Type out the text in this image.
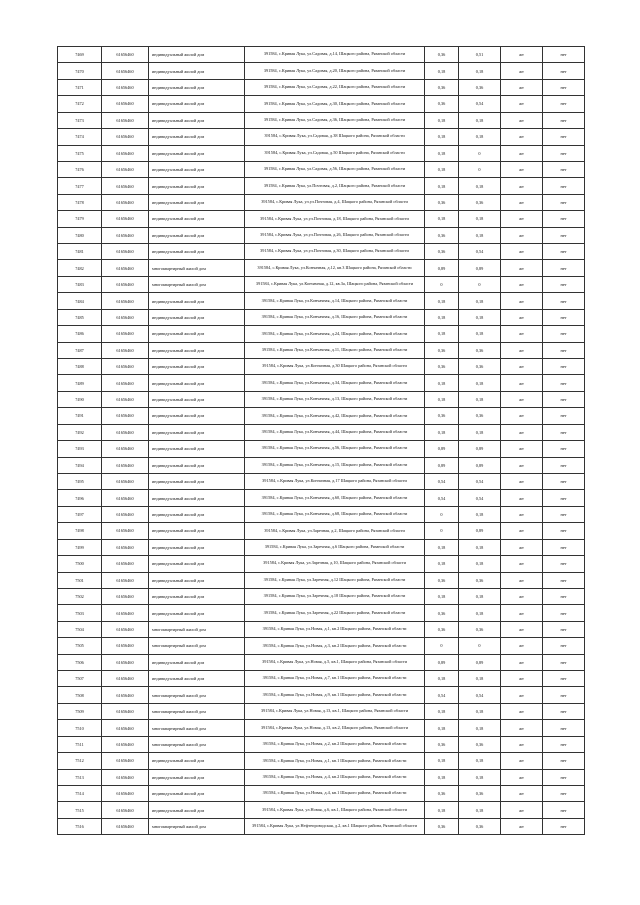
7469	61656460	индивидуальный жилой дом	391584, с.Кривая Лука, ул.Садовая, д.14, Шацкого района, Рязанской области	0,36	0,51	жт	нет
7470	61656460	индивидуальный жилой дом	391584, с.Кривая Лука, ул.Садовая, д.20, Шацкого района, Рязанской области	0,18	0,18	жт	нет
7471	61656460	индивидуальный жилой дом	391584, с.Кривая Лука, ул.Садовая, д.22, Шацкого района, Рязанской области	0,36	0,36	жт	нет
7472	61656460	индивидуальный жилой дом	391584, с.Кривая Лука, ул.Садовая, д.30, Шацкого района, Рязанской области	0,36	0,54	жт	нет
7473	61656460	индивидуальный жилой дом	391584, с.Кривая Лука, ул.Садовая, д.36, Шацкого района, Рязанской области	0,18	0,18	жт	нет
7474	61656460	индивидуальный жилой дом	391584, с.Кривая Лука, ул.Садовая, д.38 Шацкого района, Рязанской области	0,18	0,18	жт	нет
7475	61656460	индивидуальный жилой дом	391584, с.Кривая Лука, ул.Садовая, д.50 Шацкого района, Рязанской области	0,18	0	жт	нет
7476	61656460	индивидуальный жилой дом	391584, с.Кривая Лука, ул.Садовая, д.56, Шацкого района, Рязанской области	0,18	0	жт	нет
7477	61656460	индивидуальный жилой дом	391584, с.Кривая Лука, ул.Почтовая, д.2, Шацкого района, Рязанской области	0,18	0,18	жт	нет
7478	61656460	индивидуальный жилой дом	391584, с.Кривая Лука, ул.ул.Почтовая, д.4, Шацкого района, Рязанской области	0,36	0,36	жт	нет
7479	61656460	индивидуальный жилой дом	391584, с.Кривая Лука, ул.ул.Почтовая, д.18, Шацкого района, Рязанской области	0,18	0,18	жт	нет
7480	61656460	индивидуальный жилой дом	391584, с.Кривая Лука, ул.ул.Почтовая, д.26, Шацкого района, Рязанской области	0,36	0,18	жт	нет
7481	61656460	индивидуальный жилой дом	391584, с.Кривая Лука, ул.ул.Почтовая, д.30, Шацкого района, Рязанской области	0,36	0,54	жт	нет
7482	61656460	многоквартирный жилой дом	391584, с.Кривая Лука, ул.Кончачная, д.12, кв.3 Шацкого района, Рязанской области	0,89	0,89	жт	нет
7483	61656460	многоквартирный жилой дом	391584, с.Кривая Лука, ул.Кончачная, д.12, кв.3а, Шацкого района, Рязанской области	0	0	жт	нет
7484	61656460	индивидуальный жилой дом	391584, с.Кривая Лука, ул.Кончачная, д.14, Шацкого района, Рязанской области	0,18	0,18	жт	нет
7485	61656460	индивидуальный жилой дом	391584, с.Кривая Лука, ул.Кончачная, д.16, Шацкого района, Рязанской области	0,18	0,18	жт	нет
7486	61656460	индивидуальный жилой дом	391584, с.Кривая Лука, ул.Кончачная, д.24, Шацкого района, Рязанской области	0,18	0,18	жт	нет
7487	61656460	индивидуальный жилой дом	391584, с.Кривая Лука, ул.Кончачная, д.11, Шацкого района, Рязанской области	0,36	0,36	жт	нет
7488	61656460	индивидуальный жилой дом	391584, с.Кривая Лука, ул.Кончачная, д.30 Шацкого района, Рязанской области	0,36	0,36	жт	нет
7489	61656460	индивидуальный жилой дом	391584, с.Кривая Лука, ул.Кончачная, д.34, Шацкого района, Рязанской области	0,18	0,18	жт	нет
7490	61656460	индивидуальный жилой дом	391584, с.Кривая Лука, ул.Кончачная, д.13, Шацкого района, Рязанской области	0,18	0,18	жт	нет
7491	61656460	индивидуальный жилой дом	391584, с.Кривая Лука, ул.Кончачная, д.42, Шацкого района, Рязанской области	0,36	0,36	жт	нет
7492	61656460	индивидуальный жилой дом	391584, с.Кривая Лука, ул.Кончачная, д.44, Шацкого района, Рязанской области	0,18	0,18	жт	нет
7493	61656460	индивидуальный жилой дом	391584, с.Кривая Лука, ул.Кончачная, д.56, Шацкого района, Рязанской области	0,89	0,89	жт	нет
7494	61656460	индивидуальный жилой дом	391584, с.Кривая Лука, ул.Кончачная, д.15, Шацкого района, Рязанской области	0,89	0,89	жт	нет
7495	61656460	индивидуальный жилой дом	391584, с.Кривая Лука, ул.Кончачная, д.17 Шацкого района, Рязанской области	0,54	0,54	жт	нет
7496	61656460	индивидуальный жилой дом	391584, с.Кривая Лука, ул.Кончачная, д.60, Шацкого района, Рязанской области	0,54	0,54	жт	нет
7497	61656460	индивидуальный жилой дом	391584, с.Кривая Лука, ул.Кончачная, д.68, Шацкого района, Рязанской области	0	0,18	жт	нет
7498	61656460	индивидуальный жилой дом	391584, с.Кривая Лука, ул.Заречная, д.2, Шацкого района, Рязанской области	0	0,89	жт	нет
7499	61656460	индивидуальный жилой дом	391584, с.Кривая Лука, ул.Заречная, д.6 Шацкого района, Рязанской области	0,18	0,18	жт	нет
7500	61656460	индивидуальный жилой дом	391584, с.Кривая Лука, ул.Заречная, д.10, Шацкого района, Рязанской области	0,18	0,18	жт	нет
7501	61656460	индивидуальный жилой дом	391584, с.Кривая Лука, ул.Заречная, д.12 Шацкого района, Рязанской области	0,36	0,36	жт	нет
7502	61656460	индивидуальный жилой дом	391584, с.Кривая Лука, ул.Заречная, д.18 Шацкого района, Рязанской области	0,18	0,18	жт	нет
7503	61656460	индивидуальный жилой дом	391584, с.Кривая Лука, ул.Заречная, д.22 Шацкого района, Рязанской области	0,36	0,18	жт	нет
7504	61656460	многоквартирный жилой дом	391584, с.Кривая Лука, ул.Новая, д.1, кв.2 Шацкого района, Рязанской области	0,36	0,36	жт	нет
7505	61656460	многоквартирный жилой дом	391584, с.Кривая Лука, ул.Новая, д.3, кв.2 Шацкого района, Рязанской области	0	0	жт	нет
7506	61656460	индивидуальный жилой дом	391584, с.Кривая Лука, ул.Новая, д.5, кв.1, Шацкого района, Рязанской области	0,89	0,89	жт	нет
7507	61656460	индивидуальный жилой дом	391584, с.Кривая Лука, ул.Новая, д.7, кв.1 Шацкого района, Рязанской области	0,18	0,18	жт	нет
7508	61656460	многоквартирный жилой дом	391584, с.Кривая Лука, ул.Новая, д.9, кв.1 Шацкого района, Рязанской области	0,54	0,54	жт	нет
7509	61656460	многоквартирный жилой дом	391584, с.Кривая Лука, ул.Новая, д.13, кв.1, Шацкого района, Рязанской области	0,18	0,18	жт	нет
7510	61656460	многоквартирный жилой дом	391584, с.Кривая Лука, ул.Новая, д.13, кв.2, Шацкого района, Рязанской области	0,18	0,18	жт	нет
7511	61656460	многоквартирный жилой дом	391584, с.Кривая Лука, ул.Новая, д.2, кв.2 Шацкого района, Рязанской области	0,36	0,36	жт	нет
7512	61656460	индивидуальный жилой дом	391584, с.Кривая Лука, ул.Новая, д.1, кв.1 Шацкого района, Рязанской области	0,18	0,18	жт	нет
7513	61656460	индивидуальный жилой дом	391584, с.Кривая Лука, ул.Новая, д.4, кв.2 Шацкого района, Рязанской области	0,18	0,18	жт	нет
7514	61656460	индивидуальный жилой дом	391584, с.Кривая Лука, ул.Новая, д.4, кв.1 Шацкого района, Рязанской области	0,36	0,36	жт	нет
7515	61656460	индивидуальный жилой дом	391584, с.Кривая Лука, ул.Новая, д.6, кв.1, Шацкого района, Рязанской области	0,18	0,18	жт	нет
7516	61656460	многоквартирный жилой дом	391584, с.Кривая Лука, ул.Нефтепроводская, д.2, кв.1 Шацкого района, Рязанской области	0,36	0,36	жт	нет
